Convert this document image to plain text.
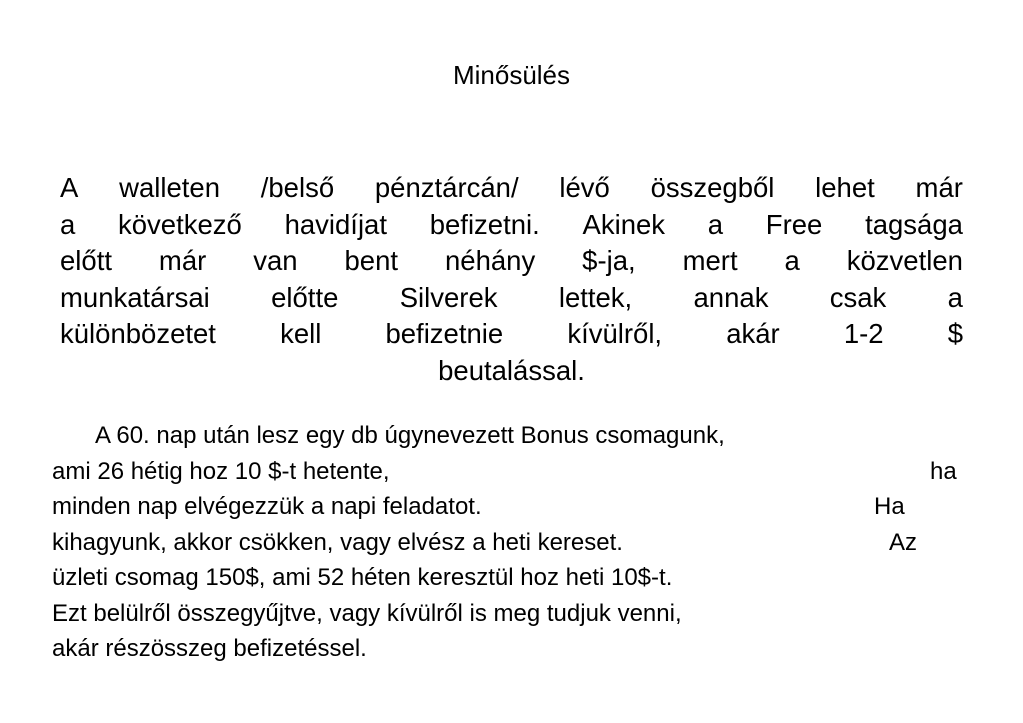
Minősülés
A walleten /belső pénztárcán/ lévő összegből lehet már
a következő havidíjat befizetni. Akinek a Free tagsága
előtt már van bent néhány $-ja, mert a közvetlen
munkatársai előtte Silverek lettek, annak csak a
különbözetet kell befizetnie kívülről, akár 1-2 $
beutalással.
A 60. nap után lesz egy db úgynevezett Bonus csomagunk,
ami 26 hétig hoz 10 $-t hetente,	ha
minden nap elvégezzük a napi feladatot.	Ha
kihagyunk, akkor csökken, vagy elvész a heti kereset.	Az
üzleti csomag 150$, ami 52 héten keresztül hoz heti 10$-t.
Ezt belülről összegyűjtve, vagy kívülről is meg tudjuk venni,
akár részösszeg befizetéssel.
